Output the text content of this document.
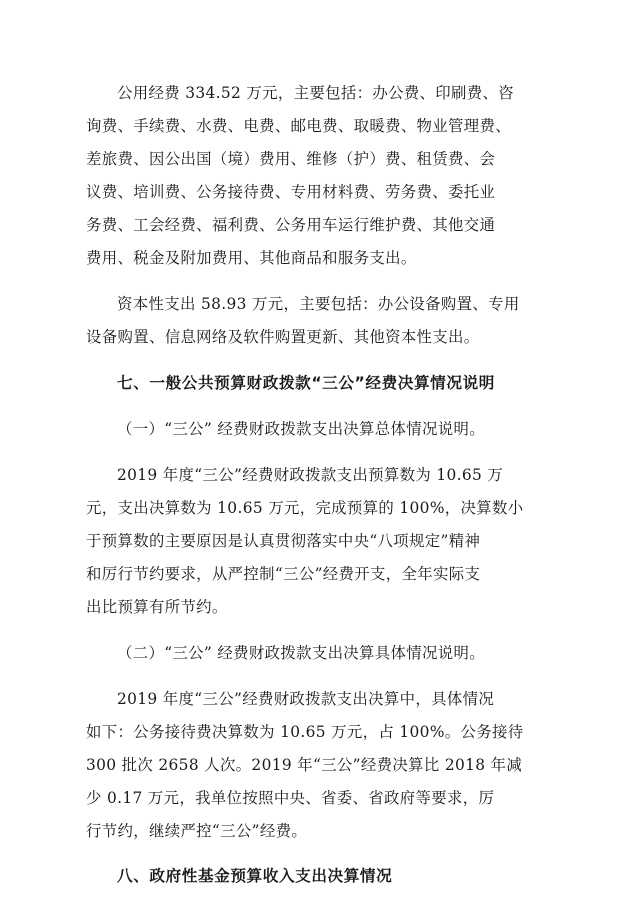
公用经费 334.52 万元，主要包括：办公费、印刷费、咨
询费、手续费、水费、电费、邮电费、取暖费、物业管理费、
差旅费、因公出国（境）费用、维修（护）费、租赁费、会
议费、培训费、公务接待费、专用材料费、劳务费、委托业
务费、工会经费、福利费、公务用车运行维护费、其他交通
费用、税金及附加费用、其他商品和服务支出。
资本性支出 58.93 万元，主要包括：办公设备购置、专用
设备购置、信息网络及软件购置更新、其他资本性支出。
七、一般公共预算财政拨款“三公”经费决算情况说明
（一）“三公” 经费财政拨款支出决算总体情况说明。
2019 年度“三公”经费财政拨款支出预算数为 10.65 万
元，支出决算数为 10.65 万元，完成预算的 100%，决算数小
于预算数的主要原因是认真贯彻落实中央“八项规定”精神
和厉行节约要求，从严控制“三公”经费开支，全年实际支
出比预算有所节约。
（二）“三公” 经费财政拨款支出决算具体情况说明。
2019 年度“三公”经费财政拨款支出决算中，具体情况
如下：公务接待费决算数为 10.65 万元，占 100%。公务接待
300 批次 2658 人次。2019 年“三公”经费决算比 2018 年减
少 0.17 万元，我单位按照中央、省委、省政府等要求，厉
行节约，继续严控“三公”经费。
八、政府性基金预算收入支出决算情况
